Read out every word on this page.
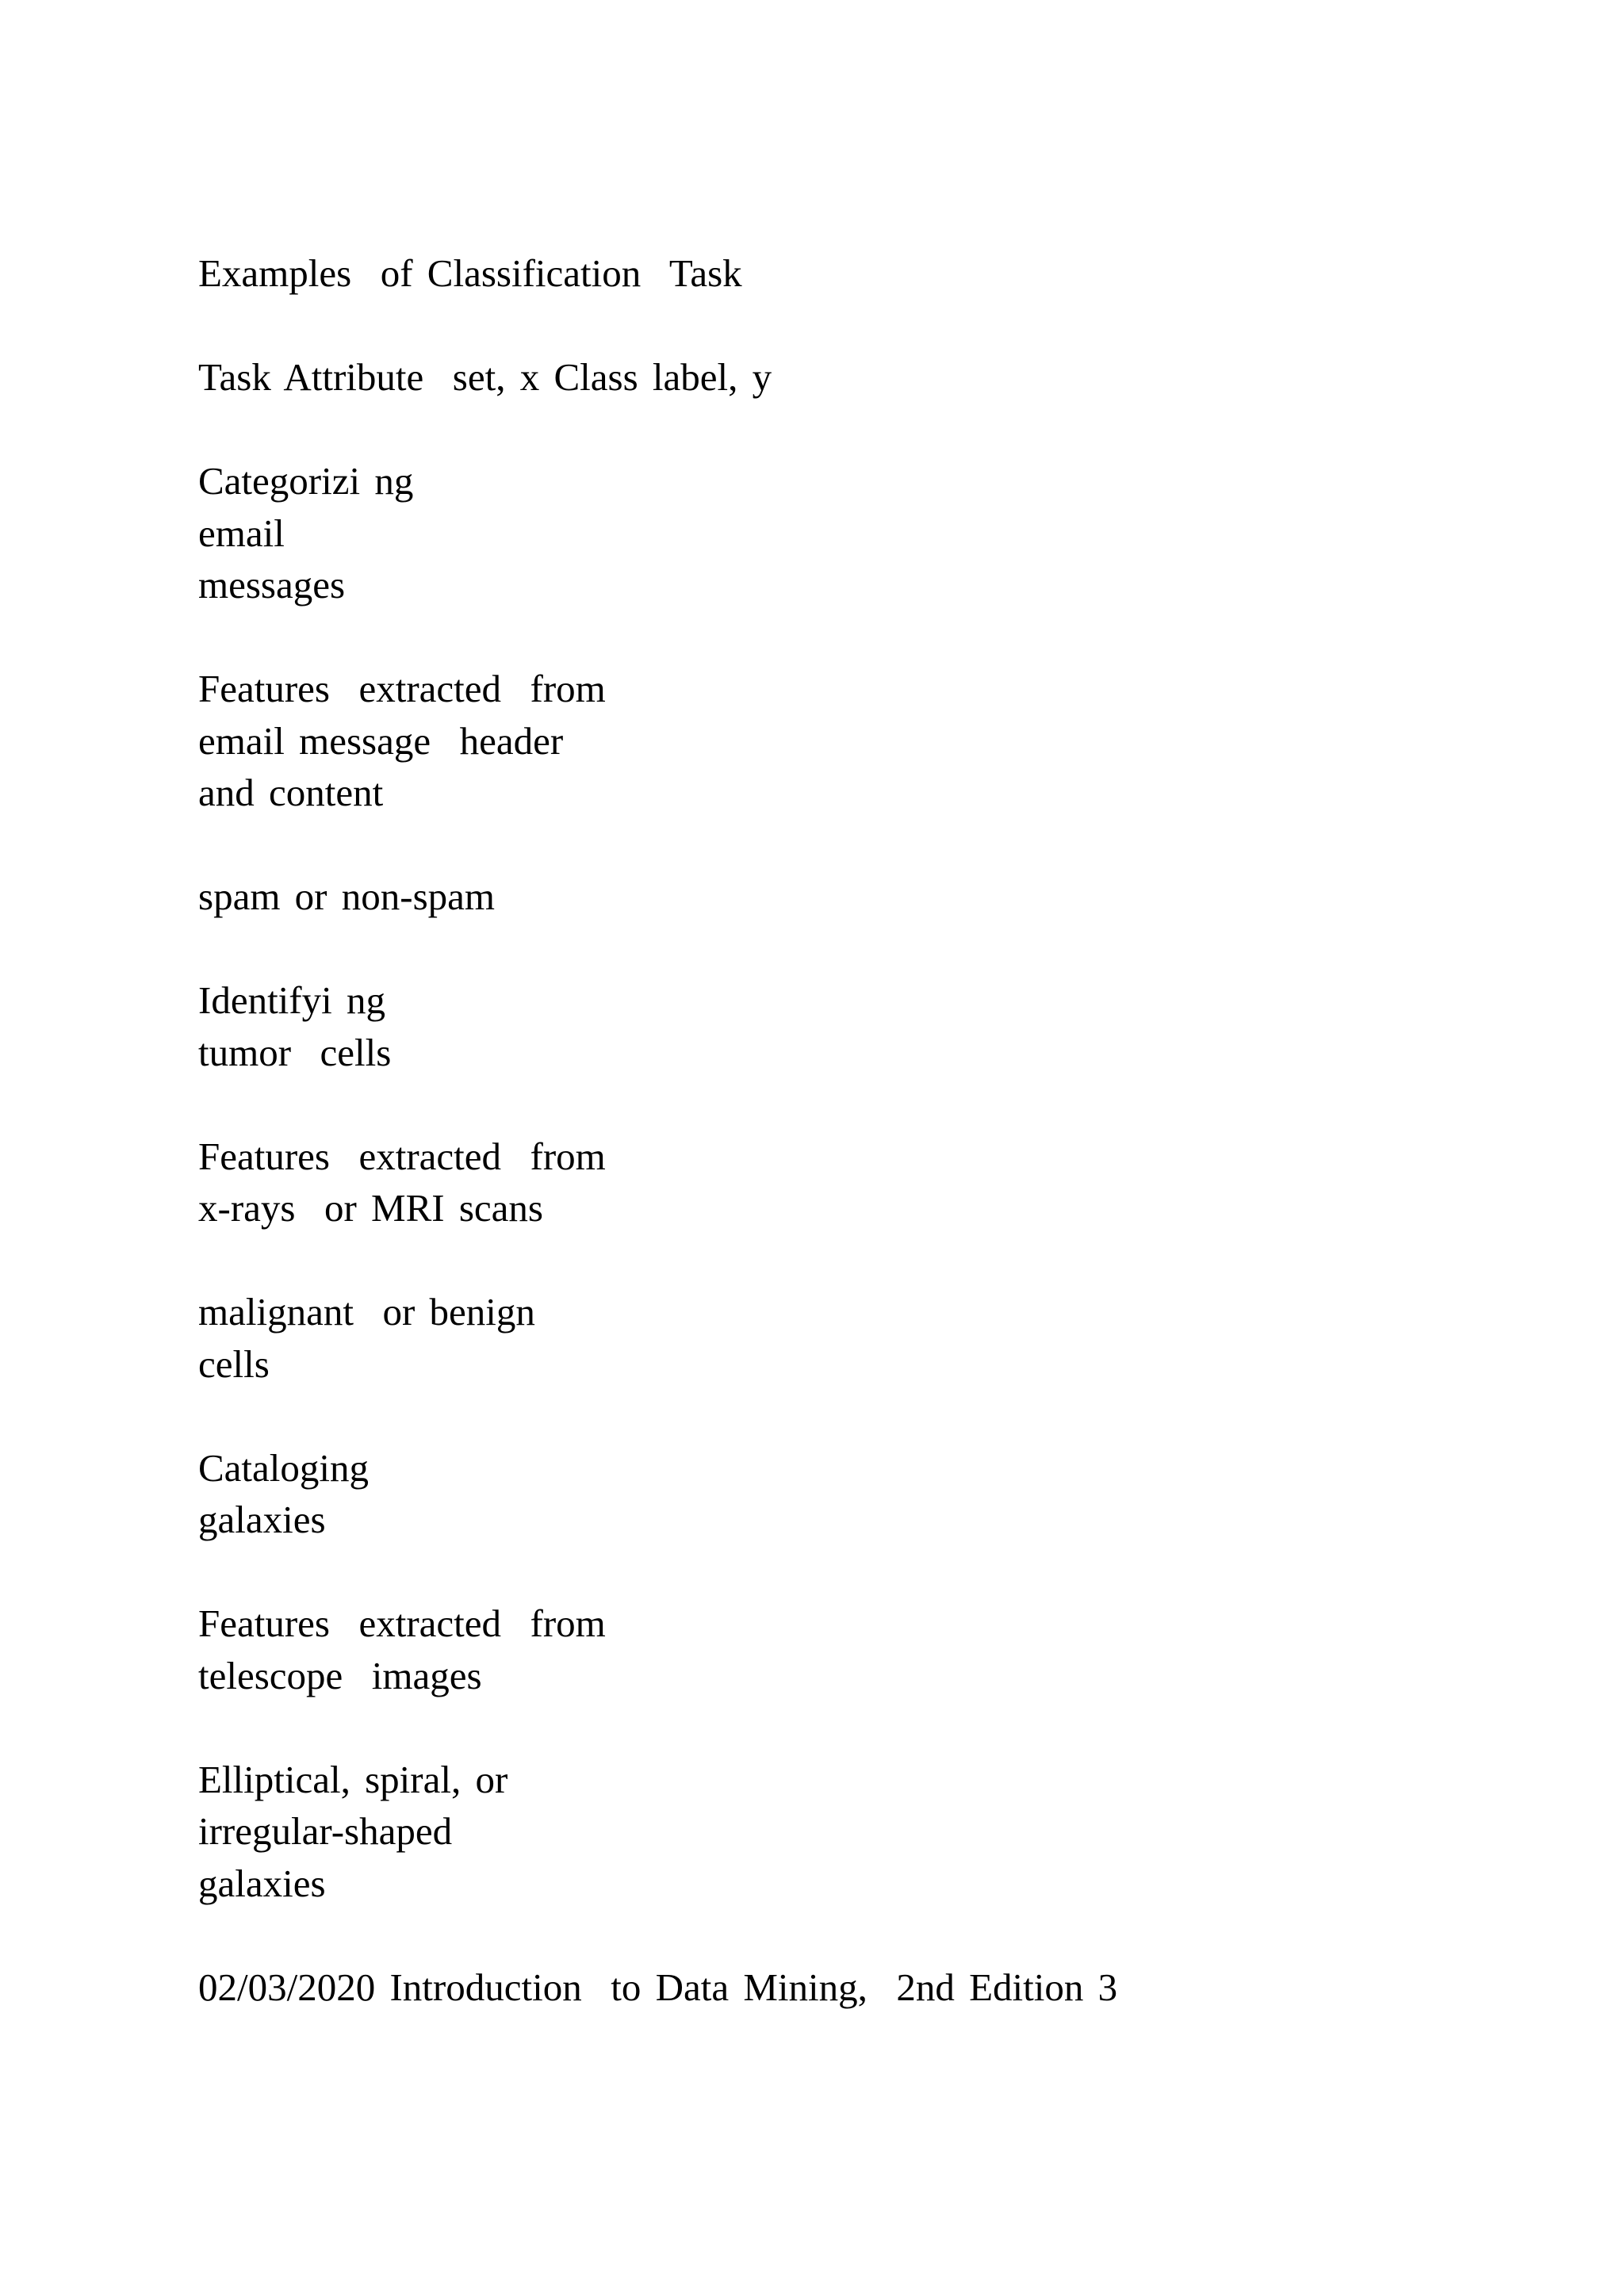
Examples  of Classification  Task

Task Attribute  set, x Class label, y

Categorizi ng
email
messages

Features  extracted  from
email message  header
and content

spam or non-spam

Identifyi ng
tumor  cells

Features  extracted  from
x-rays  or MRI scans

malignant  or benign
cells

Cataloging
galaxies

Features  extracted  from
telescope  images

Elliptical, spiral, or
irregular-shaped
galaxies

02/03/2020 Introduction  to Data Mining,  2nd Edition 3
